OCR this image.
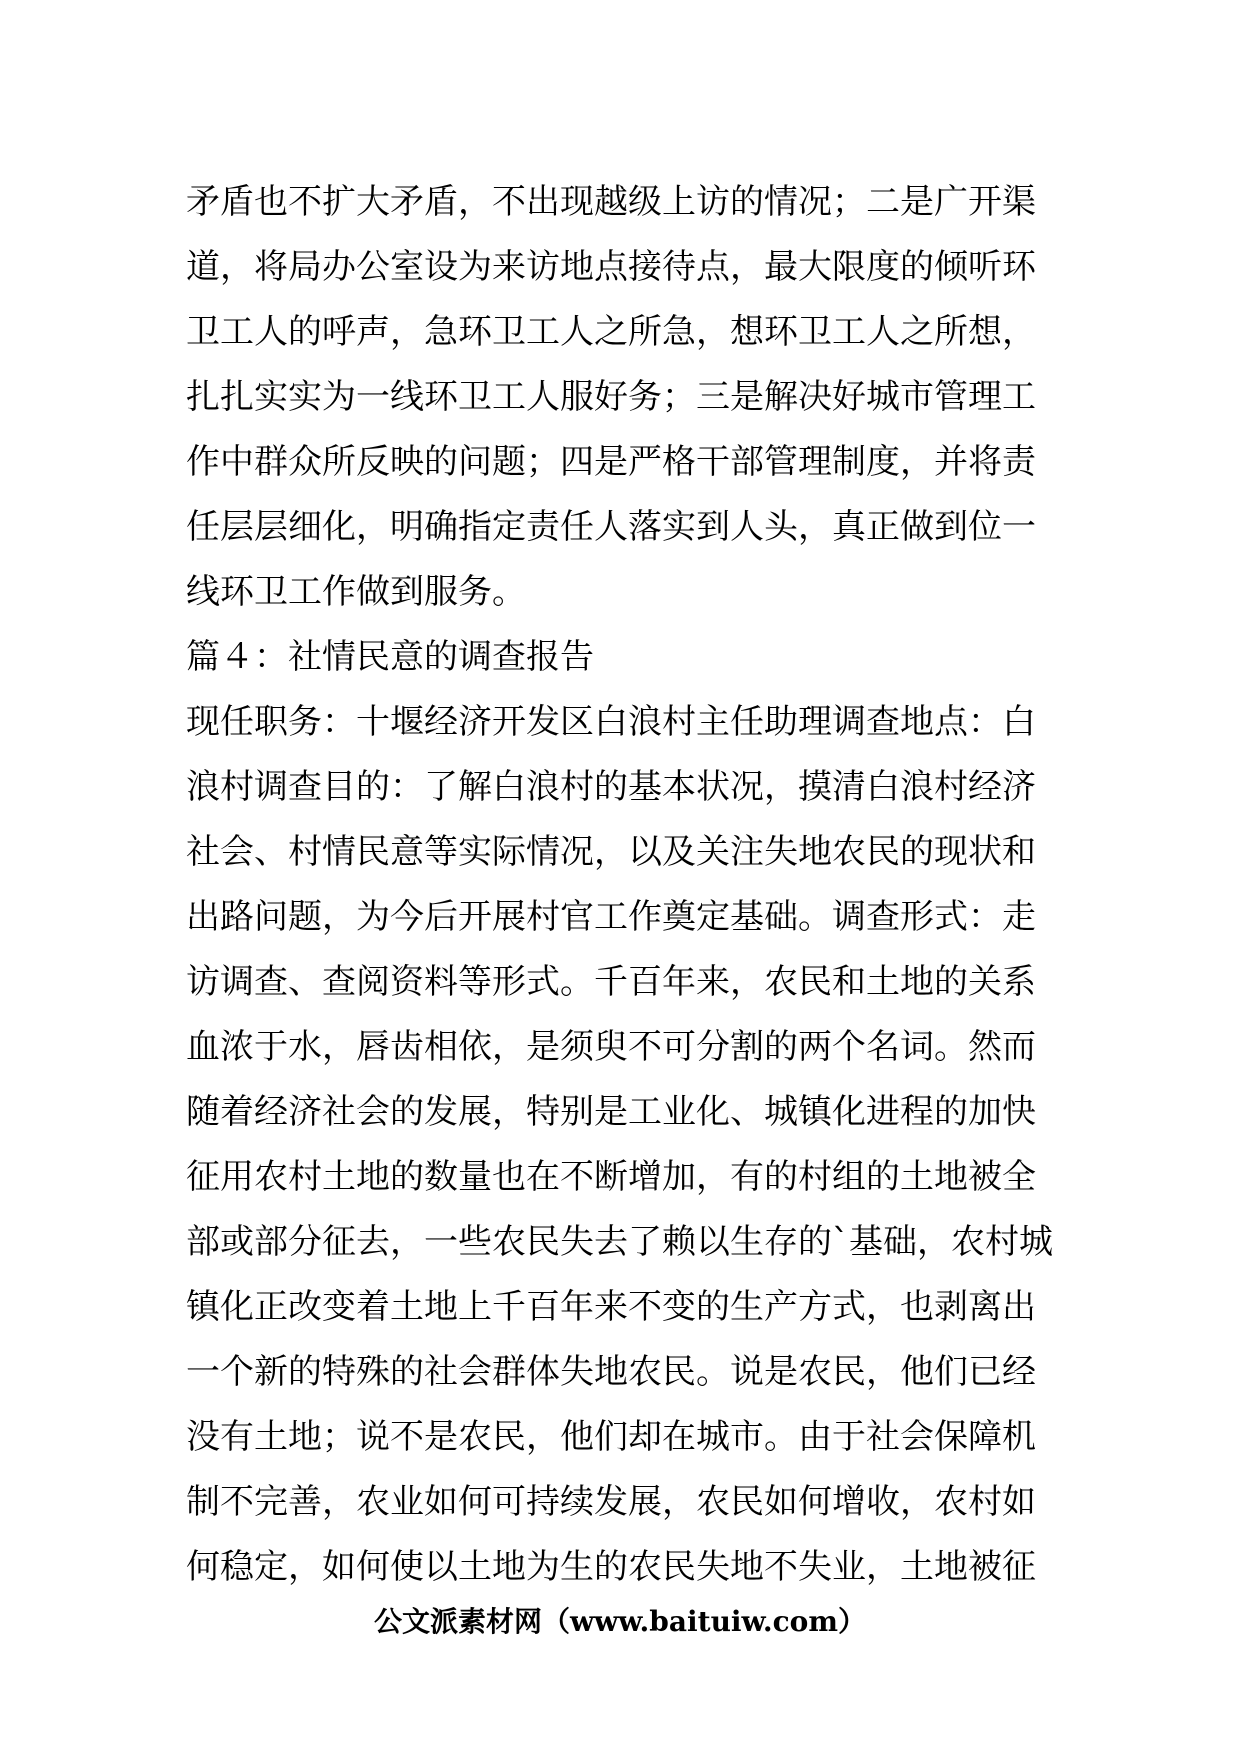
矛盾也不扩大矛盾，不出现越级上访的情况；二是广开渠
道，将局办公室设为来访地点接待点，最大限度的倾听环
卫工人的呼声，急环卫工人之所急，想环卫工人之所想，
扎扎实实为一线环卫工人服好务；三是解决好城市管理工
作中群众所反映的问题；四是严格干部管理制度，并将责
任层层细化，明确指定责任人落实到人头，真正做到位一
线环卫工作做到服务。
篇４：社情民意的调查报告
现任职务：十堰经济开发区白浪村主任助理调查地点：白
浪村调查目的：了解白浪村的基本状况，摸清白浪村经济
社会、村情民意等实际情况，以及关注失地农民的现状和
出路问题，为今后开展村官工作奠定基础。调查形式：走
访调查、查阅资料等形式。千百年来，农民和土地的关系
血浓于水，唇齿相依，是须臾不可分割的两个名词。然而
随着经济社会的发展，特别是工业化、城镇化进程的加快
征用农村土地的数量也在不断增加，有的村组的土地被全
部或部分征去，一些农民失去了赖以生存的`基础，农村城
镇化正改变着土地上千百年来不变的生产方式，也剥离出
一个新的特殊的社会群体失地农民。说是农民，他们已经
没有土地；说不是农民，他们却在城市。由于社会保障机
制不完善，农业如何可持续发展，农民如何增收，农村如
何稳定，如何使以土地为生的农民失地不失业，土地被征
公文派素材网（www.baituiw.com）
